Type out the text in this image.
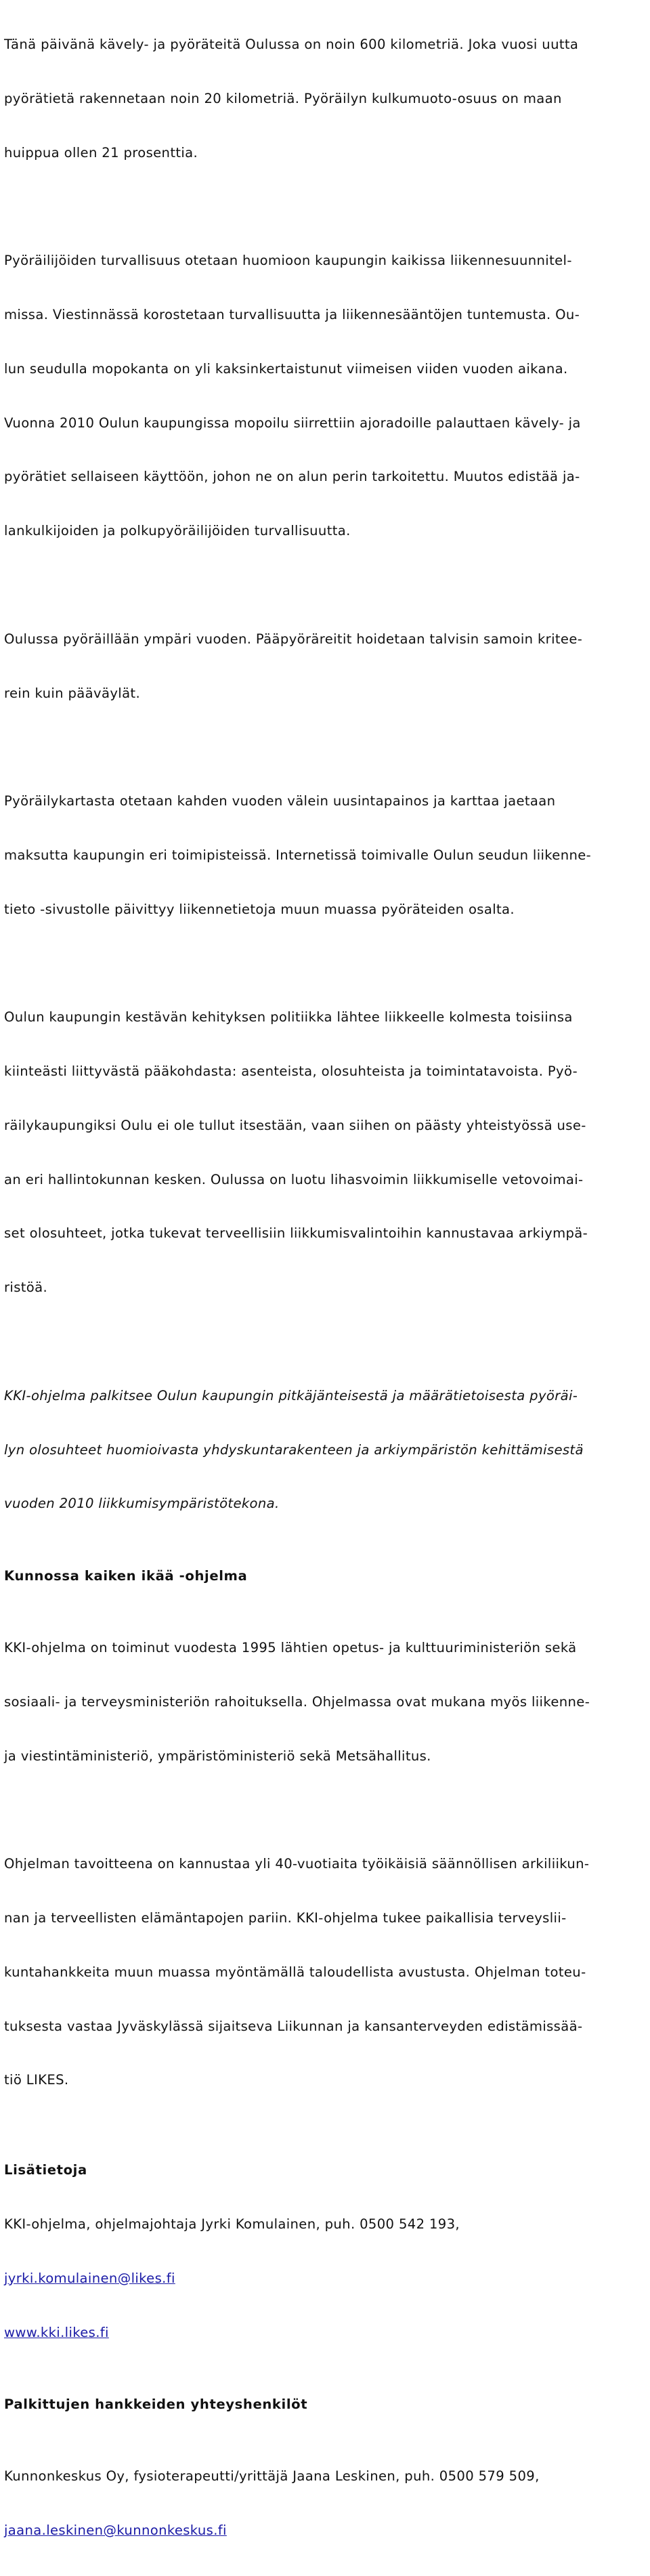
Tänä päivänä kävely- ja pyöräteitä Oulussa on noin 600 kilometriä. Joka vuosi uutta

pyörätietä rakennetaan noin 20 kilometriä. Pyöräilyn kulkumuoto-osuus on maan

huippua ollen 21 prosenttia.

Pyöräilijöiden turvallisuus otetaan huomioon kaupungin kaikissa liikennesuunnitel-

missa. Viestinnässä korostetaan turvallisuutta ja liikennesääntöjen tuntemusta. Ou-

lun seudulla mopokanta on yli kaksinkertaistunut viimeisen viiden vuoden aikana.

Vuonna 2010 Oulun kaupungissa mopoilu siirrettiin ajoradoille palauttaen kävely- ja

pyörätiet sellaiseen käyttöön, johon ne on alun perin tarkoitettu. Muutos edistää ja-

lankulkijoiden ja polkupyöräilijöiden turvallisuutta.

Oulussa pyöräillään ympäri vuoden. Pääpyöräreitit hoidetaan talvisin samoin kritee-

rein kuin pääväylät.

Pyöräilykartasta otetaan kahden vuoden välein uusintapainos ja karttaa jaetaan

maksutta kaupungin eri toimipisteissä. Internetissä toimivalle Oulun seudun liikenne-

tieto -sivustolle päivittyy liikennetietoja muun muassa pyöräteiden osalta.

Oulun kaupungin kestävän kehityksen politiikka lähtee liikkeelle kolmesta toisiinsa

kiinteästi liittyvästä pääkohdasta: asenteista, olosuhteista ja toimintatavoista. Pyö-

räilykaupungiksi Oulu ei ole tullut itsestään, vaan siihen on päästy yhteistyössä use-

an eri hallintokunnan kesken. Oulussa on luotu lihasvoimin liikkumiselle vetovoimai-

set olosuhteet, jotka tukevat terveellisiin liikkumisvalintoihin kannustavaa arkiympä-

ristöä.

KKI-ohjelma palkitsee Oulun kaupungin pitkäjänteisestä ja määrätietoisesta pyöräi-

lyn olosuhteet huomioivasta yhdyskuntarakenteen ja arkiympäristön kehittämisestä

vuoden 2010 liikkumisympäristötekona.

Kunnossa kaiken ikää -ohjelma

KKI-ohjelma on toiminut vuodesta 1995 lähtien opetus- ja kulttuuriministeriön sekä

sosiaali- ja terveysministeriön rahoituksella. Ohjelmassa ovat mukana myös liikenne-

ja viestintäministeriö, ympäristöministeriö sekä Metsähallitus.

Ohjelman tavoitteena on kannustaa yli 40-vuotiaita työikäisiä säännöllisen arkiliikun-

nan ja terveellisten elämäntapojen pariin. KKI-ohjelma tukee paikallisia terveyslii-

kuntahankkeita muun muassa myöntämällä taloudellista avustusta. Ohjelman toteu-

tuksesta vastaa Jyväskylässä sijaitseva Liikunnan ja kansanterveyden edistämissää-

tiö LIKES.

Lisätietoja

KKI-ohjelma, ohjelmajohtaja Jyrki Komulainen, puh. 0500 542 193,

jyrki.komulainen@likes.fi

www.kki.likes.fi

Palkittujen hankkeiden yhteyshenkilöt

Kunnonkeskus Oy, fysioterapeutti/yrittäjä Jaana Leskinen, puh. 0500 579 509,

jaana.leskinen@kunnonkeskus.fi
